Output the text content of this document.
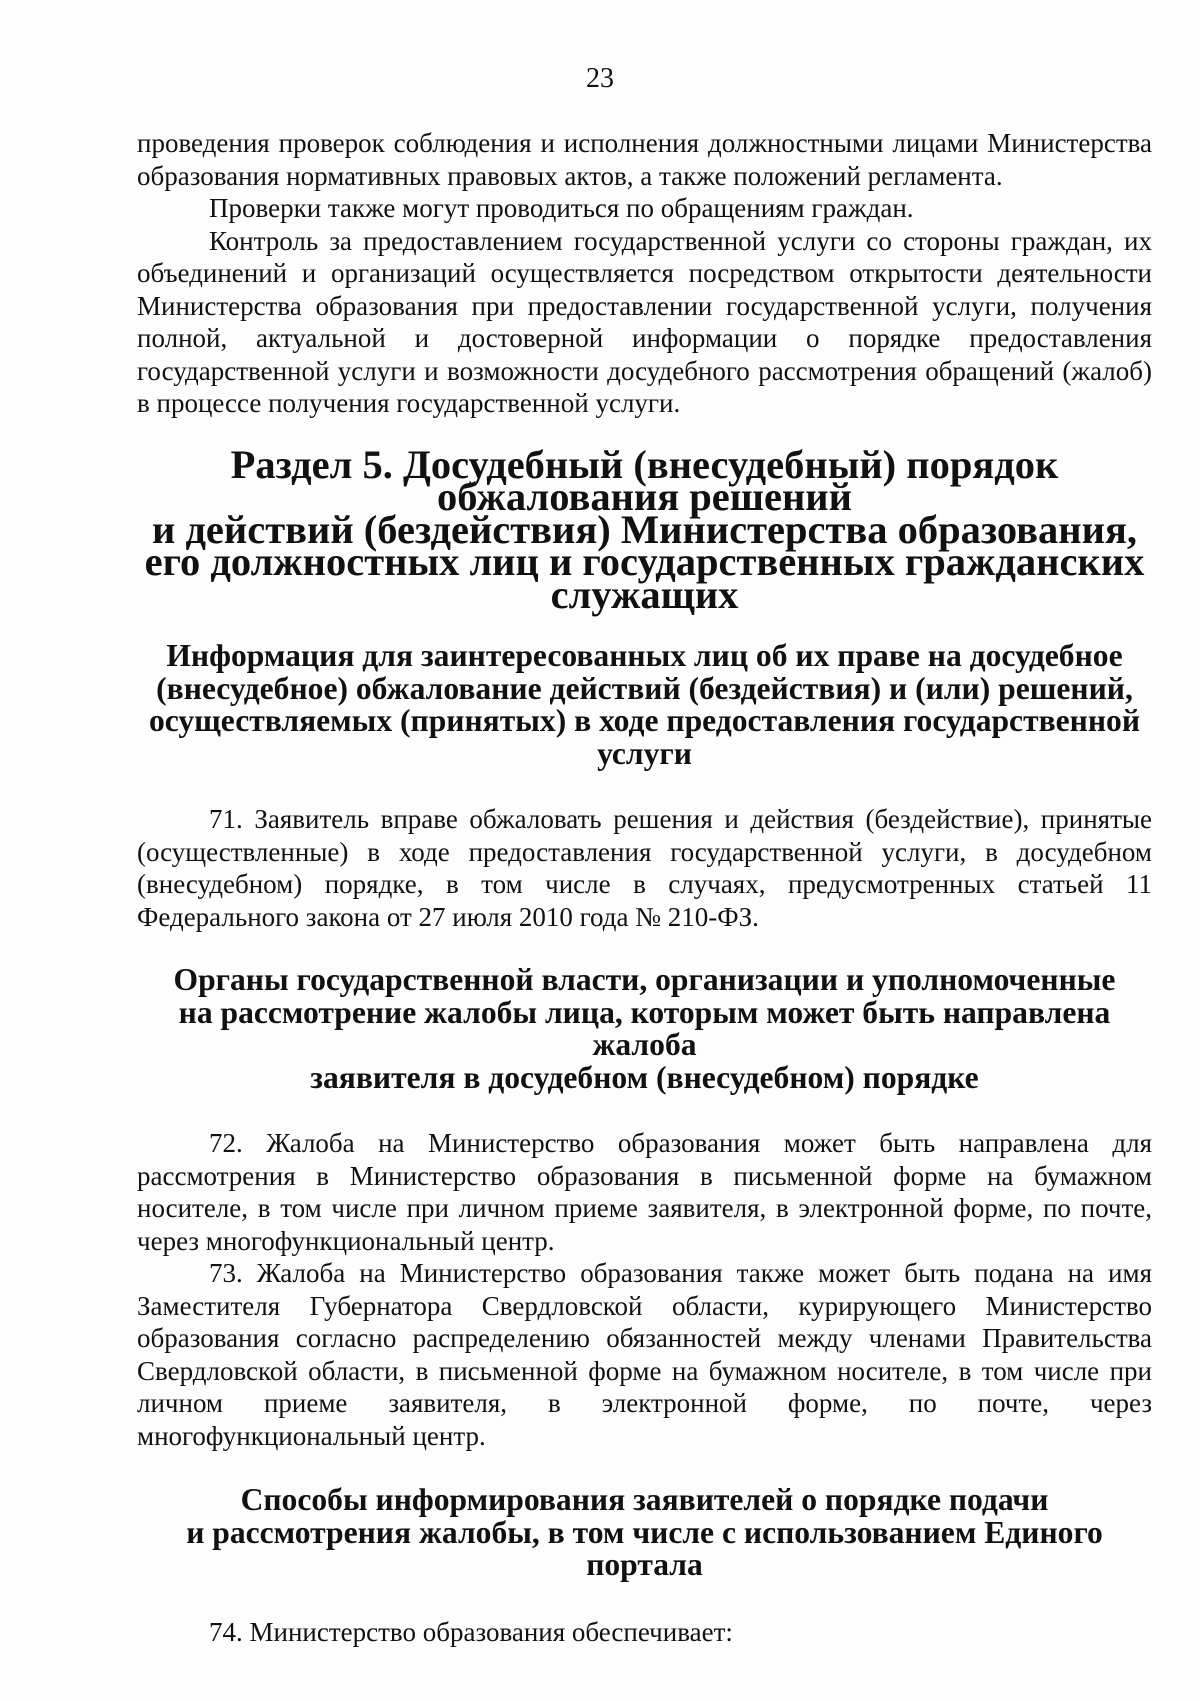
23

проведения проверок соблюдения и исполнения должностными лицами Министерства образования нормативных правовых актов, а также положений регламента.

Проверки также могут проводиться по обращениям граждан.

Контроль за предоставлением государственной услуги со стороны граждан, их объединений и организаций осуществляется посредством открытости деятельности Министерства образования при предоставлении государственной услуги, получения полной, актуальной и достоверной информации о порядке предоставления государственной услуги и возможности досудебного рассмотрения обращений (жалоб) в процессе получения государственной услуги.

Раздел 5. Досудебный (внесудебный) порядок обжалования решений
и действий (бездействия) Министерства образования,
его должностных лиц и государственных гражданских служащих
Информация для заинтересованных лиц об их праве на досудебное
(внесудебное) обжалование действий (бездействия) и (или) решений,
осуществляемых (принятых) в ходе предоставления государственной услуги

71. Заявитель вправе обжаловать решения и действия (бездействие), принятые (осуществленные) в ходе предоставления государственной услуги, в досудебном (внесудебном) порядке, в том числе в случаях, предусмотренных статьей 11 Федерального закона от 27 июля 2010 года № 210-ФЗ.

Органы государственной власти, организации и уполномоченные
на рассмотрение жалобы лица, которым может быть направлена жалоба
заявителя в досудебном (внесудебном) порядке

72. Жалоба на Министерство образования может быть направлена для рассмотрения в Министерство образования в письменной форме на бумажном носителе, в том числе при личном приеме заявителя, в электронной форме, по почте, через многофункциональный центр.

73. Жалоба на Министерство образования также может быть подана на имя Заместителя Губернатора Свердловской области, курирующего Министерство образования согласно распределению обязанностей между членами Правительства Свердловской области, в письменной форме на бумажном носителе, в том числе при личном приеме заявителя, в электронной форме, по почте, через многофункциональный центр.

Способы информирования заявителей о порядке подачи
и рассмотрения жалобы, в том числе с использованием Единого портала

74. Министерство образования обеспечивает:
